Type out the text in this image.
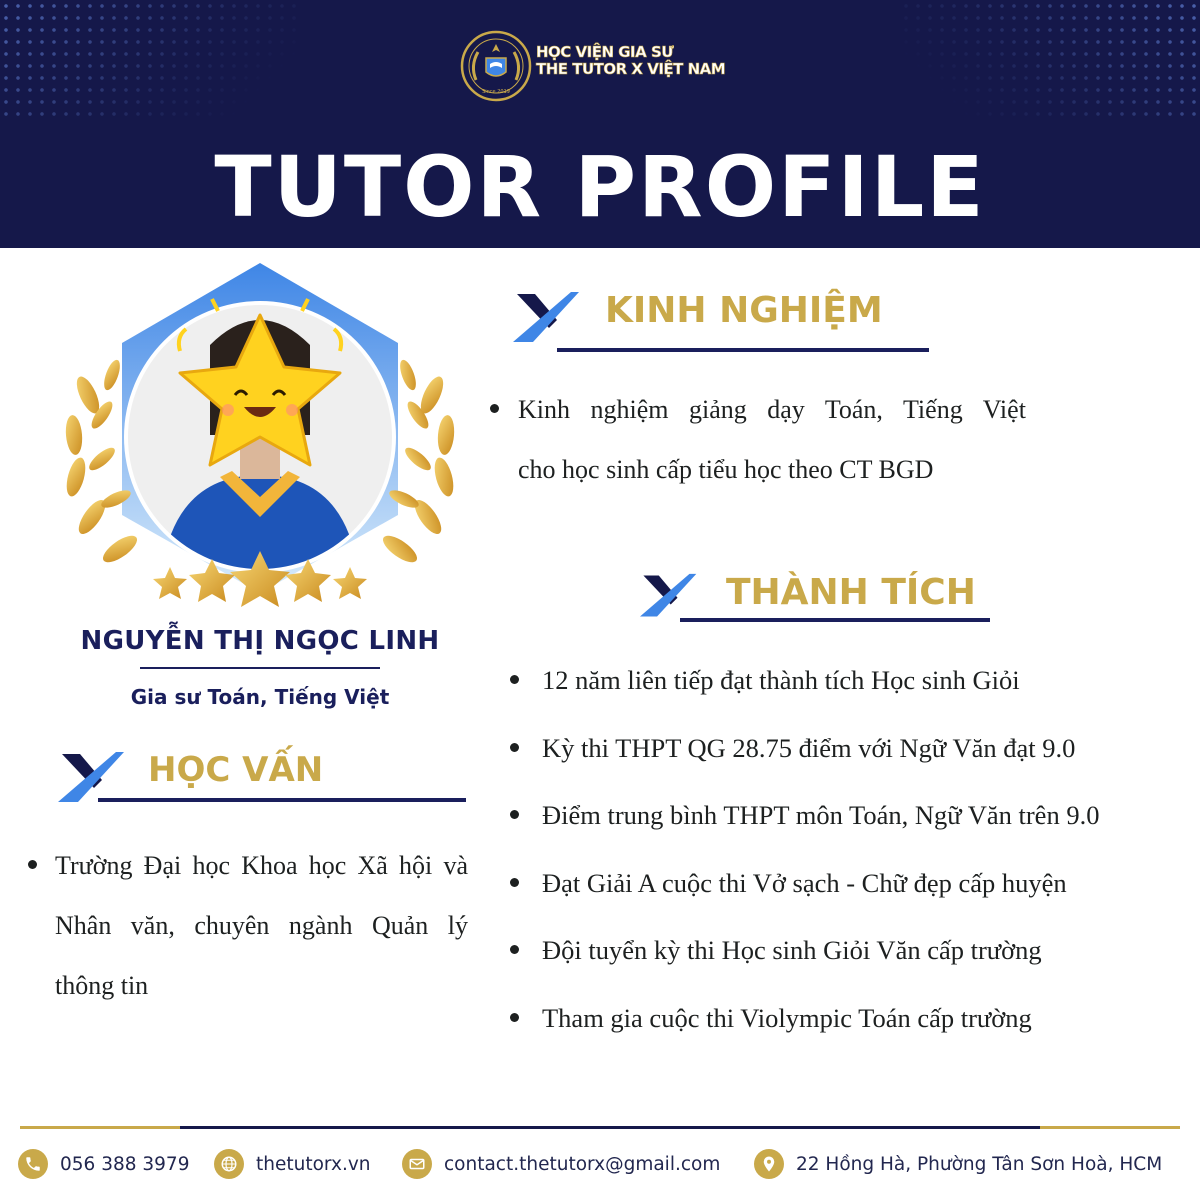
Since 2019
HỌC VIỆN GIA SƯ
THE TUTOR X VIỆT NAM
TUTOR PROFILE
NGUYỄN THỊ NGỌC LINH
Gia sư Toán, Tiếng Việt
HỌC VẤN
Trường Đại học Khoa học Xã hội và Nhân văn, chuyên ngành Quản lý thông tin
KINH NGHIỆM
Kinh nghiệm giảng dạy Toán, Tiếng Việt
cho học sinh cấp tiểu học theo CT BGD
THÀNH TÍCH
12 năm liên tiếp đạt thành tích Học sinh Giỏi
Kỳ thi THPT QG 28.75 điểm với Ngữ Văn đạt 9.0
Điểm trung bình THPT môn Toán, Ngữ Văn trên 9.0
Đạt Giải A cuộc thi Vở sạch - Chữ đẹp cấp huyện
Đội tuyển kỳ thi Học sinh Giỏi Văn cấp trường
Tham gia cuộc thi Violympic Toán cấp trường
056 388 3979	thetutorx.vn	contact.thetutorx@gmail.com	22 Hồng Hà, Phường Tân Sơn Hoà, HCM
